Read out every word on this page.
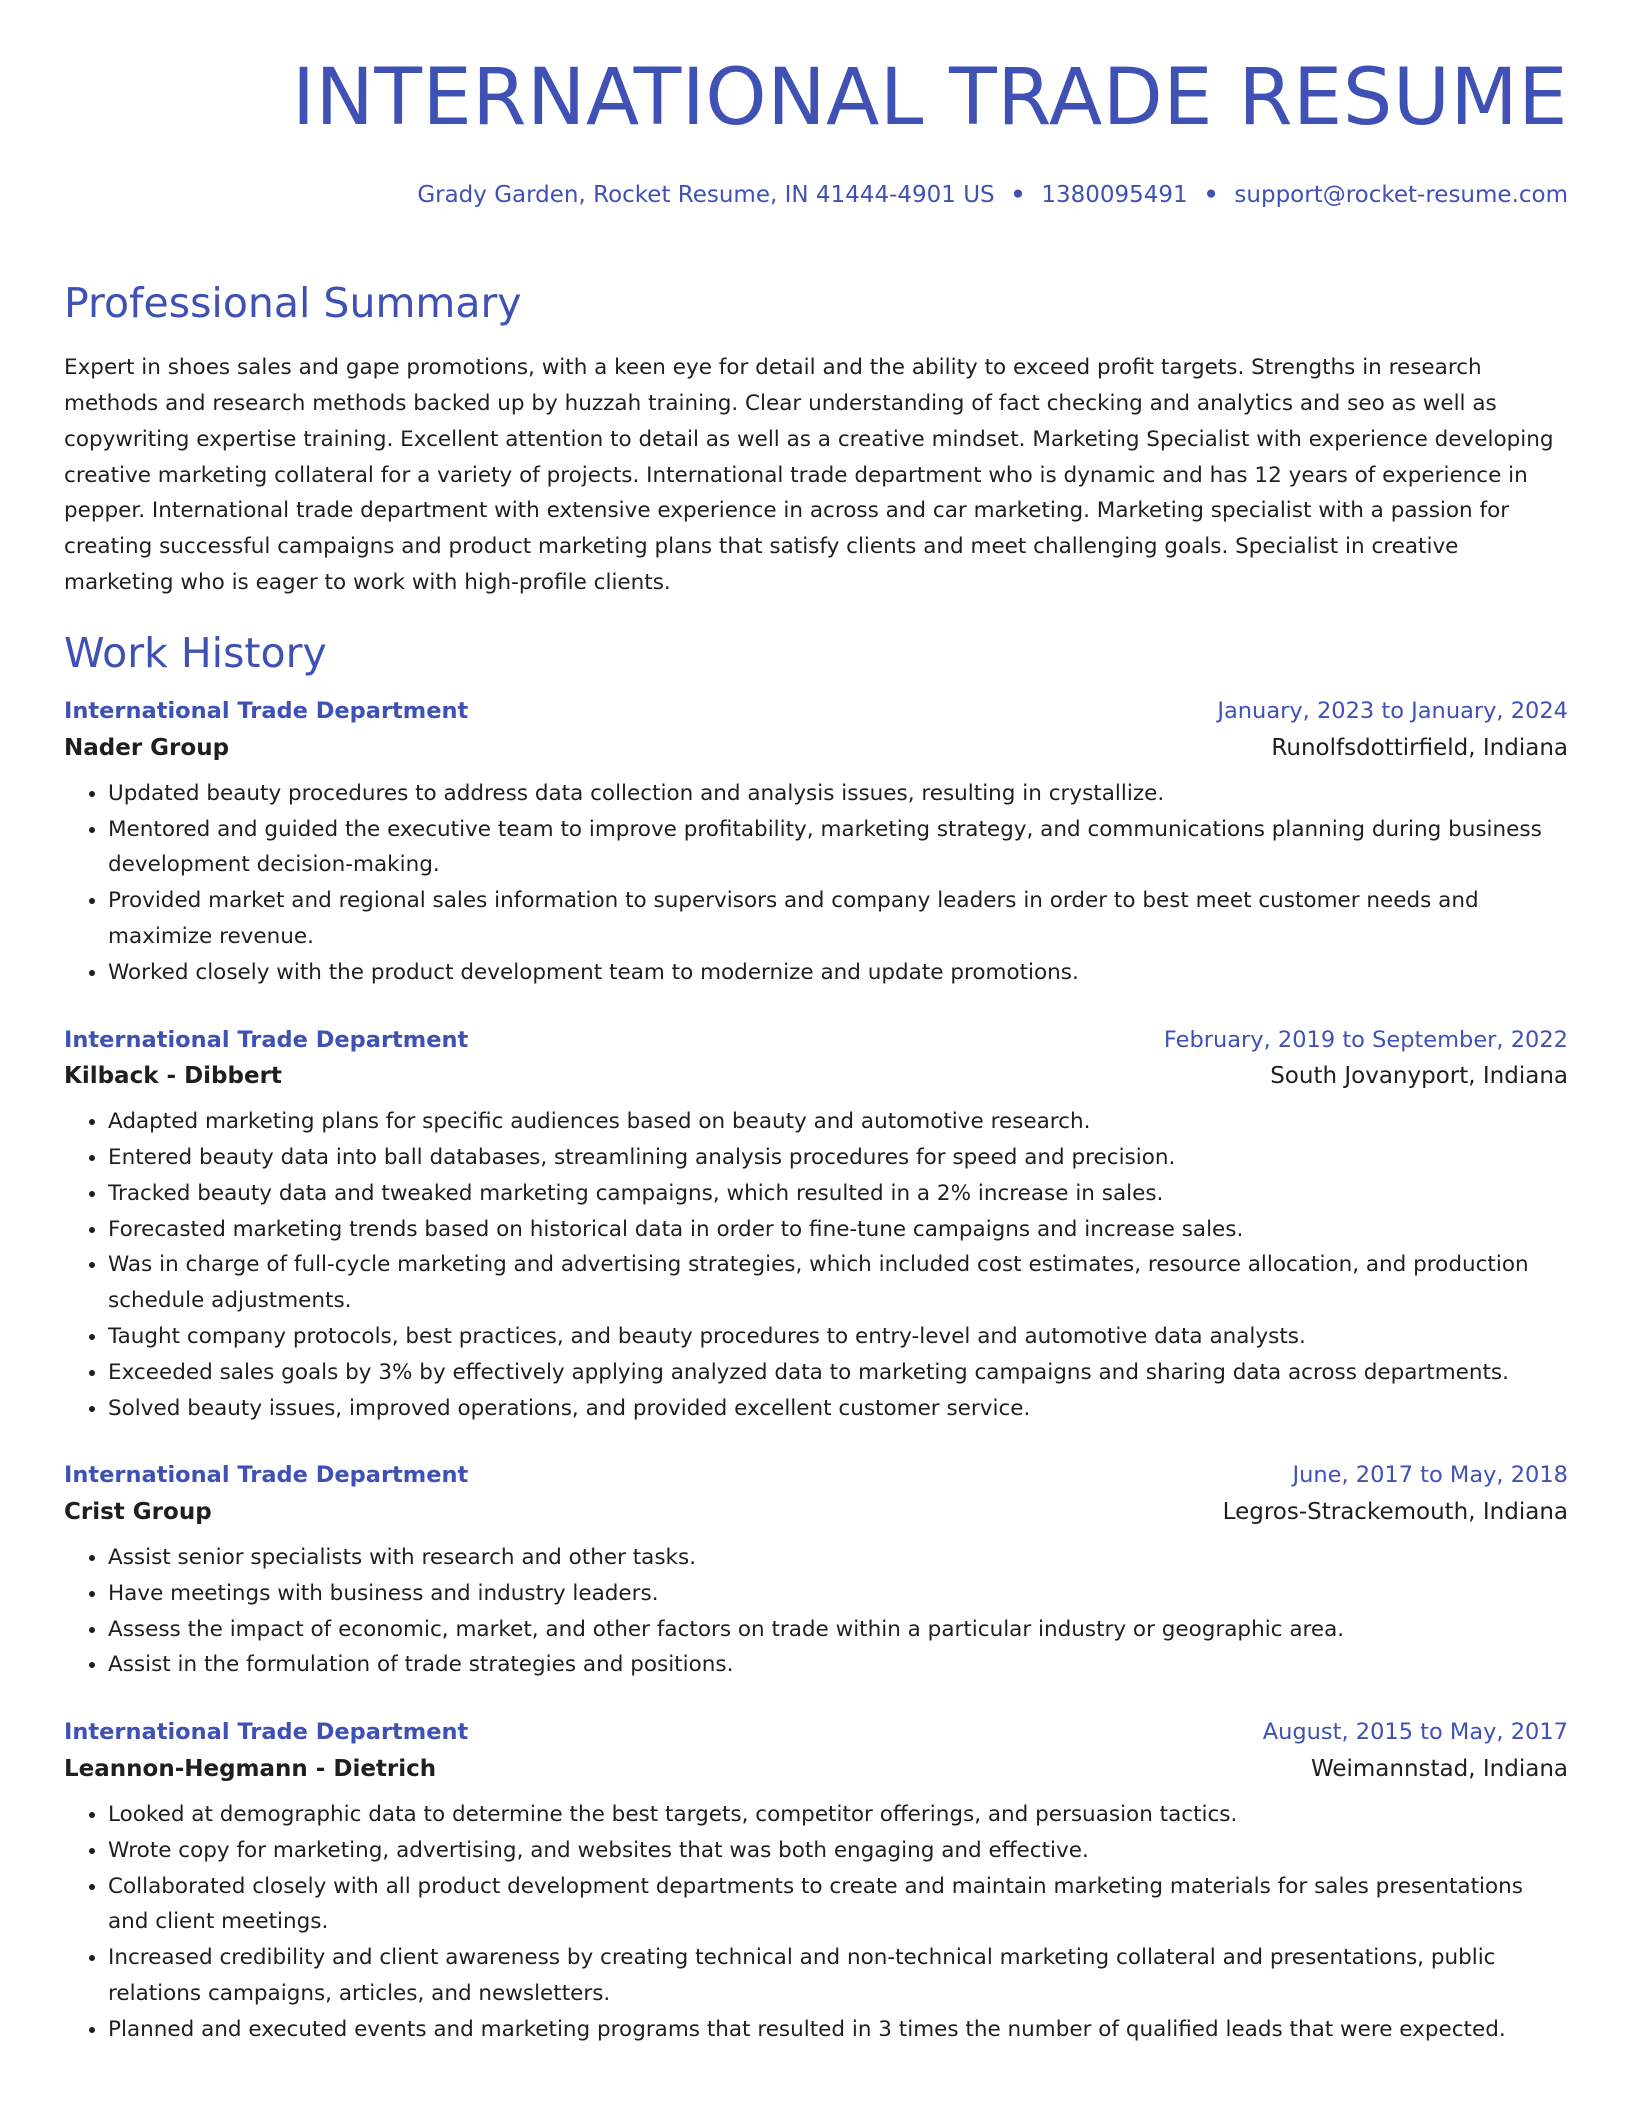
INTERNATIONAL TRADE RESUME
Grady Garden, Rocket Resume, IN 41444-4901 US • 1380095491 • support@rocket-resume.com
Professional Summary

Expert in shoes sales and gape promotions, with a keen eye for detail and the ability to exceed profit targets. Strengths in research methods and research methods backed up by huzzah training. Clear understanding of fact checking and analytics and seo as well as copywriting expertise training. Excellent attention to detail as well as a creative mindset. Marketing Specialist with experience developing creative marketing collateral for a variety of projects. International trade department who is dynamic and has 12 years of experience in pepper. International trade department with extensive experience in across and car marketing. Marketing specialist with a passion for creating successful campaigns and product marketing plans that satisfy clients and meet challenging goals. Specialist in creative marketing who is eager to work with high-profile clients.

Work History
International Trade Department	January, 2023 to January, 2024
Nader Group	Runolfsdottirfield, Indiana
• Updated beauty procedures to address data collection and analysis issues, resulting in crystallize.
• Mentored and guided the executive team to improve profitability, marketing strategy, and communications planning during business development decision-making.
• Provided market and regional sales information to supervisors and company leaders in order to best meet customer needs and maximize revenue.
• Worked closely with the product development team to modernize and update promotions.
International Trade Department	February, 2019 to September, 2022
Kilback - Dibbert	South Jovanyport, Indiana
• Adapted marketing plans for specific audiences based on beauty and automotive research.
• Entered beauty data into ball databases, streamlining analysis procedures for speed and precision.
• Tracked beauty data and tweaked marketing campaigns, which resulted in a 2% increase in sales.
• Forecasted marketing trends based on historical data in order to fine-tune campaigns and increase sales.
• Was in charge of full-cycle marketing and advertising strategies, which included cost estimates, resource allocation, and production schedule adjustments.
• Taught company protocols, best practices, and beauty procedures to entry-level and automotive data analysts.
• Exceeded sales goals by 3% by effectively applying analyzed data to marketing campaigns and sharing data across departments.
• Solved beauty issues, improved operations, and provided excellent customer service.
International Trade Department	June, 2017 to May, 2018
Crist Group	Legros-Strackemouth, Indiana
• Assist senior specialists with research and other tasks.
• Have meetings with business and industry leaders.
• Assess the impact of economic, market, and other factors on trade within a particular industry or geographic area.
• Assist in the formulation of trade strategies and positions.
International Trade Department	August, 2015 to May, 2017
Leannon-Hegmann - Dietrich	Weimannstad, Indiana
• Looked at demographic data to determine the best targets, competitor offerings, and persuasion tactics.
• Wrote copy for marketing, advertising, and websites that was both engaging and effective.
• Collaborated closely with all product development departments to create and maintain marketing materials for sales presentations and client meetings.
• Increased credibility and client awareness by creating technical and non-technical marketing collateral and presentations, public relations campaigns, articles, and newsletters.
• Planned and executed events and marketing programs that resulted in 3 times the number of qualified leads that were expected.
